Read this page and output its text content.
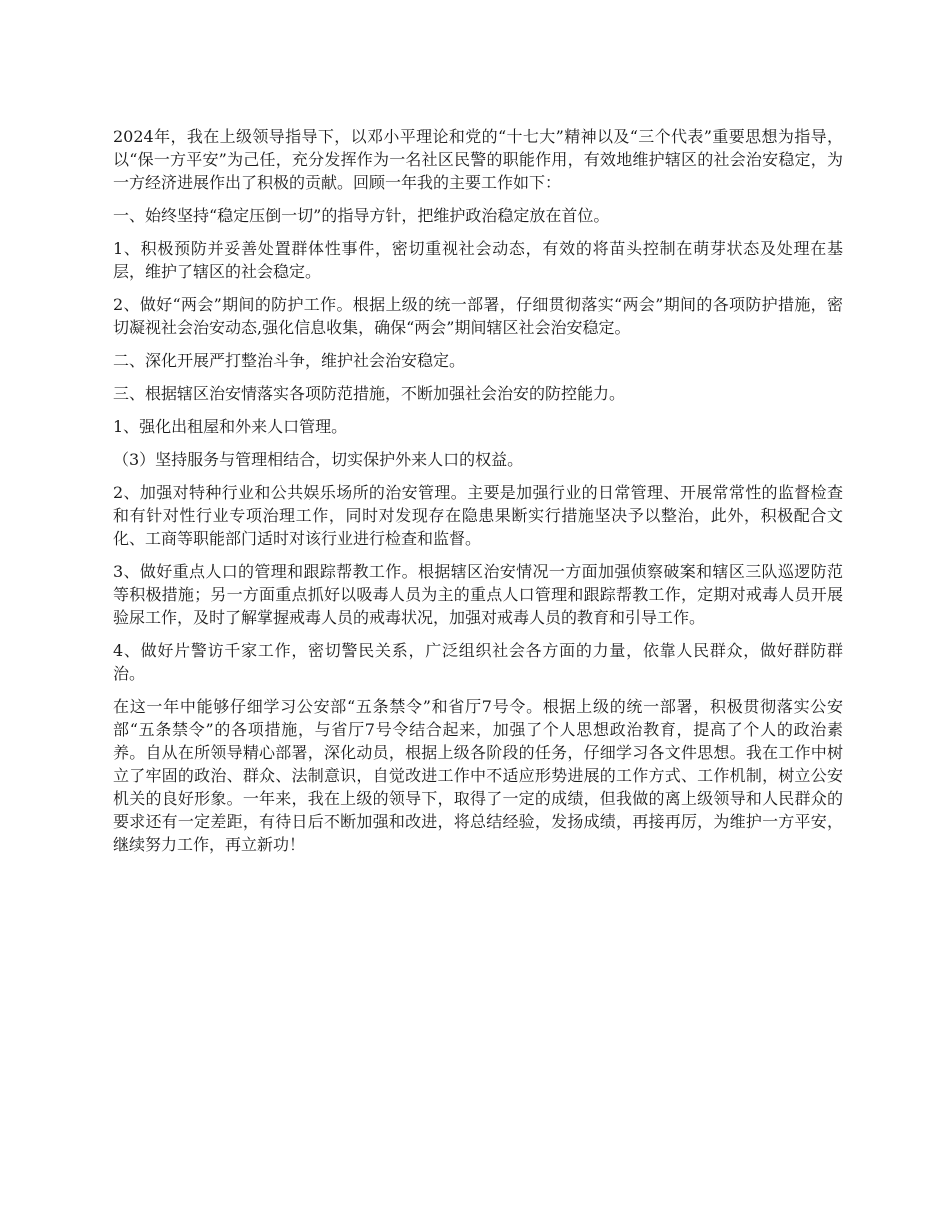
2024年，我在上级领导指导下，以邓小平理论和党的“十七大”精神以及“三个代表”重要思想为指导，以“保一方平安”为己任，充分发挥作为一名社区民警的职能作用，有效地维护辖区的社会治安稳定，为一方经济进展作出了积极的贡献。回顾一年我的主要工作如下：

一、始终坚持“稳定压倒一切”的指导方针，把维护政治稳定放在首位。

1、积极预防并妥善处置群体性事件，密切重视社会动态，有效的将苗头控制在萌芽状态及处理在基层，维护了辖区的社会稳定。

2、做好“两会”期间的防护工作。根据上级的统一部署，仔细贯彻落实“两会”期间的各项防护措施，密切凝视社会治安动态,强化信息收集，确保“两会”期间辖区社会治安稳定。

二、深化开展严打整治斗争，维护社会治安稳定。

三、根据辖区治安情落实各项防范措施，不断加强社会治安的防控能力。

1、强化出租屋和外来人口管理。

（3）坚持服务与管理相结合，切实保护外来人口的权益。

2、加强对特种行业和公共娱乐场所的治安管理。主要是加强行业的日常管理、开展常常性的监督检查和有针对性行业专项治理工作，同时对发现存在隐患果断实行措施坚决予以整治，此外，积极配合文化、工商等职能部门适时对该行业进行检查和监督。

3、做好重点人口的管理和跟踪帮教工作。根据辖区治安情况一方面加强侦察破案和辖区三队巡逻防范等积极措施；另一方面重点抓好以吸毒人员为主的重点人口管理和跟踪帮教工作，定期对戒毒人员开展验尿工作，及时了解掌握戒毒人员的戒毒状况，加强对戒毒人员的教育和引导工作。

4、做好片警访千家工作，密切警民关系，广泛组织社会各方面的力量，依靠人民群众，做好群防群治。

在这一年中能够仔细学习公安部“五条禁令”和省厅7号令。根据上级的统一部署，积极贯彻落实公安部“五条禁令”的各项措施，与省厅7号令结合起来，加强了个人思想政治教育，提高了个人的政治素养。自从在所领导精心部署，深化动员，根据上级各阶段的任务，仔细学习各文件思想。我在工作中树立了牢固的政治、群众、法制意识，自觉改进工作中不适应形势进展的工作方式、工作机制，树立公安机关的良好形象。一年来，我在上级的领导下，取得了一定的成绩，但我做的离上级领导和人民群众的要求还有一定差距，有待日后不断加强和改进，将总结经验，发扬成绩，再接再厉，为维护一方平安，继续努力工作，再立新功！
